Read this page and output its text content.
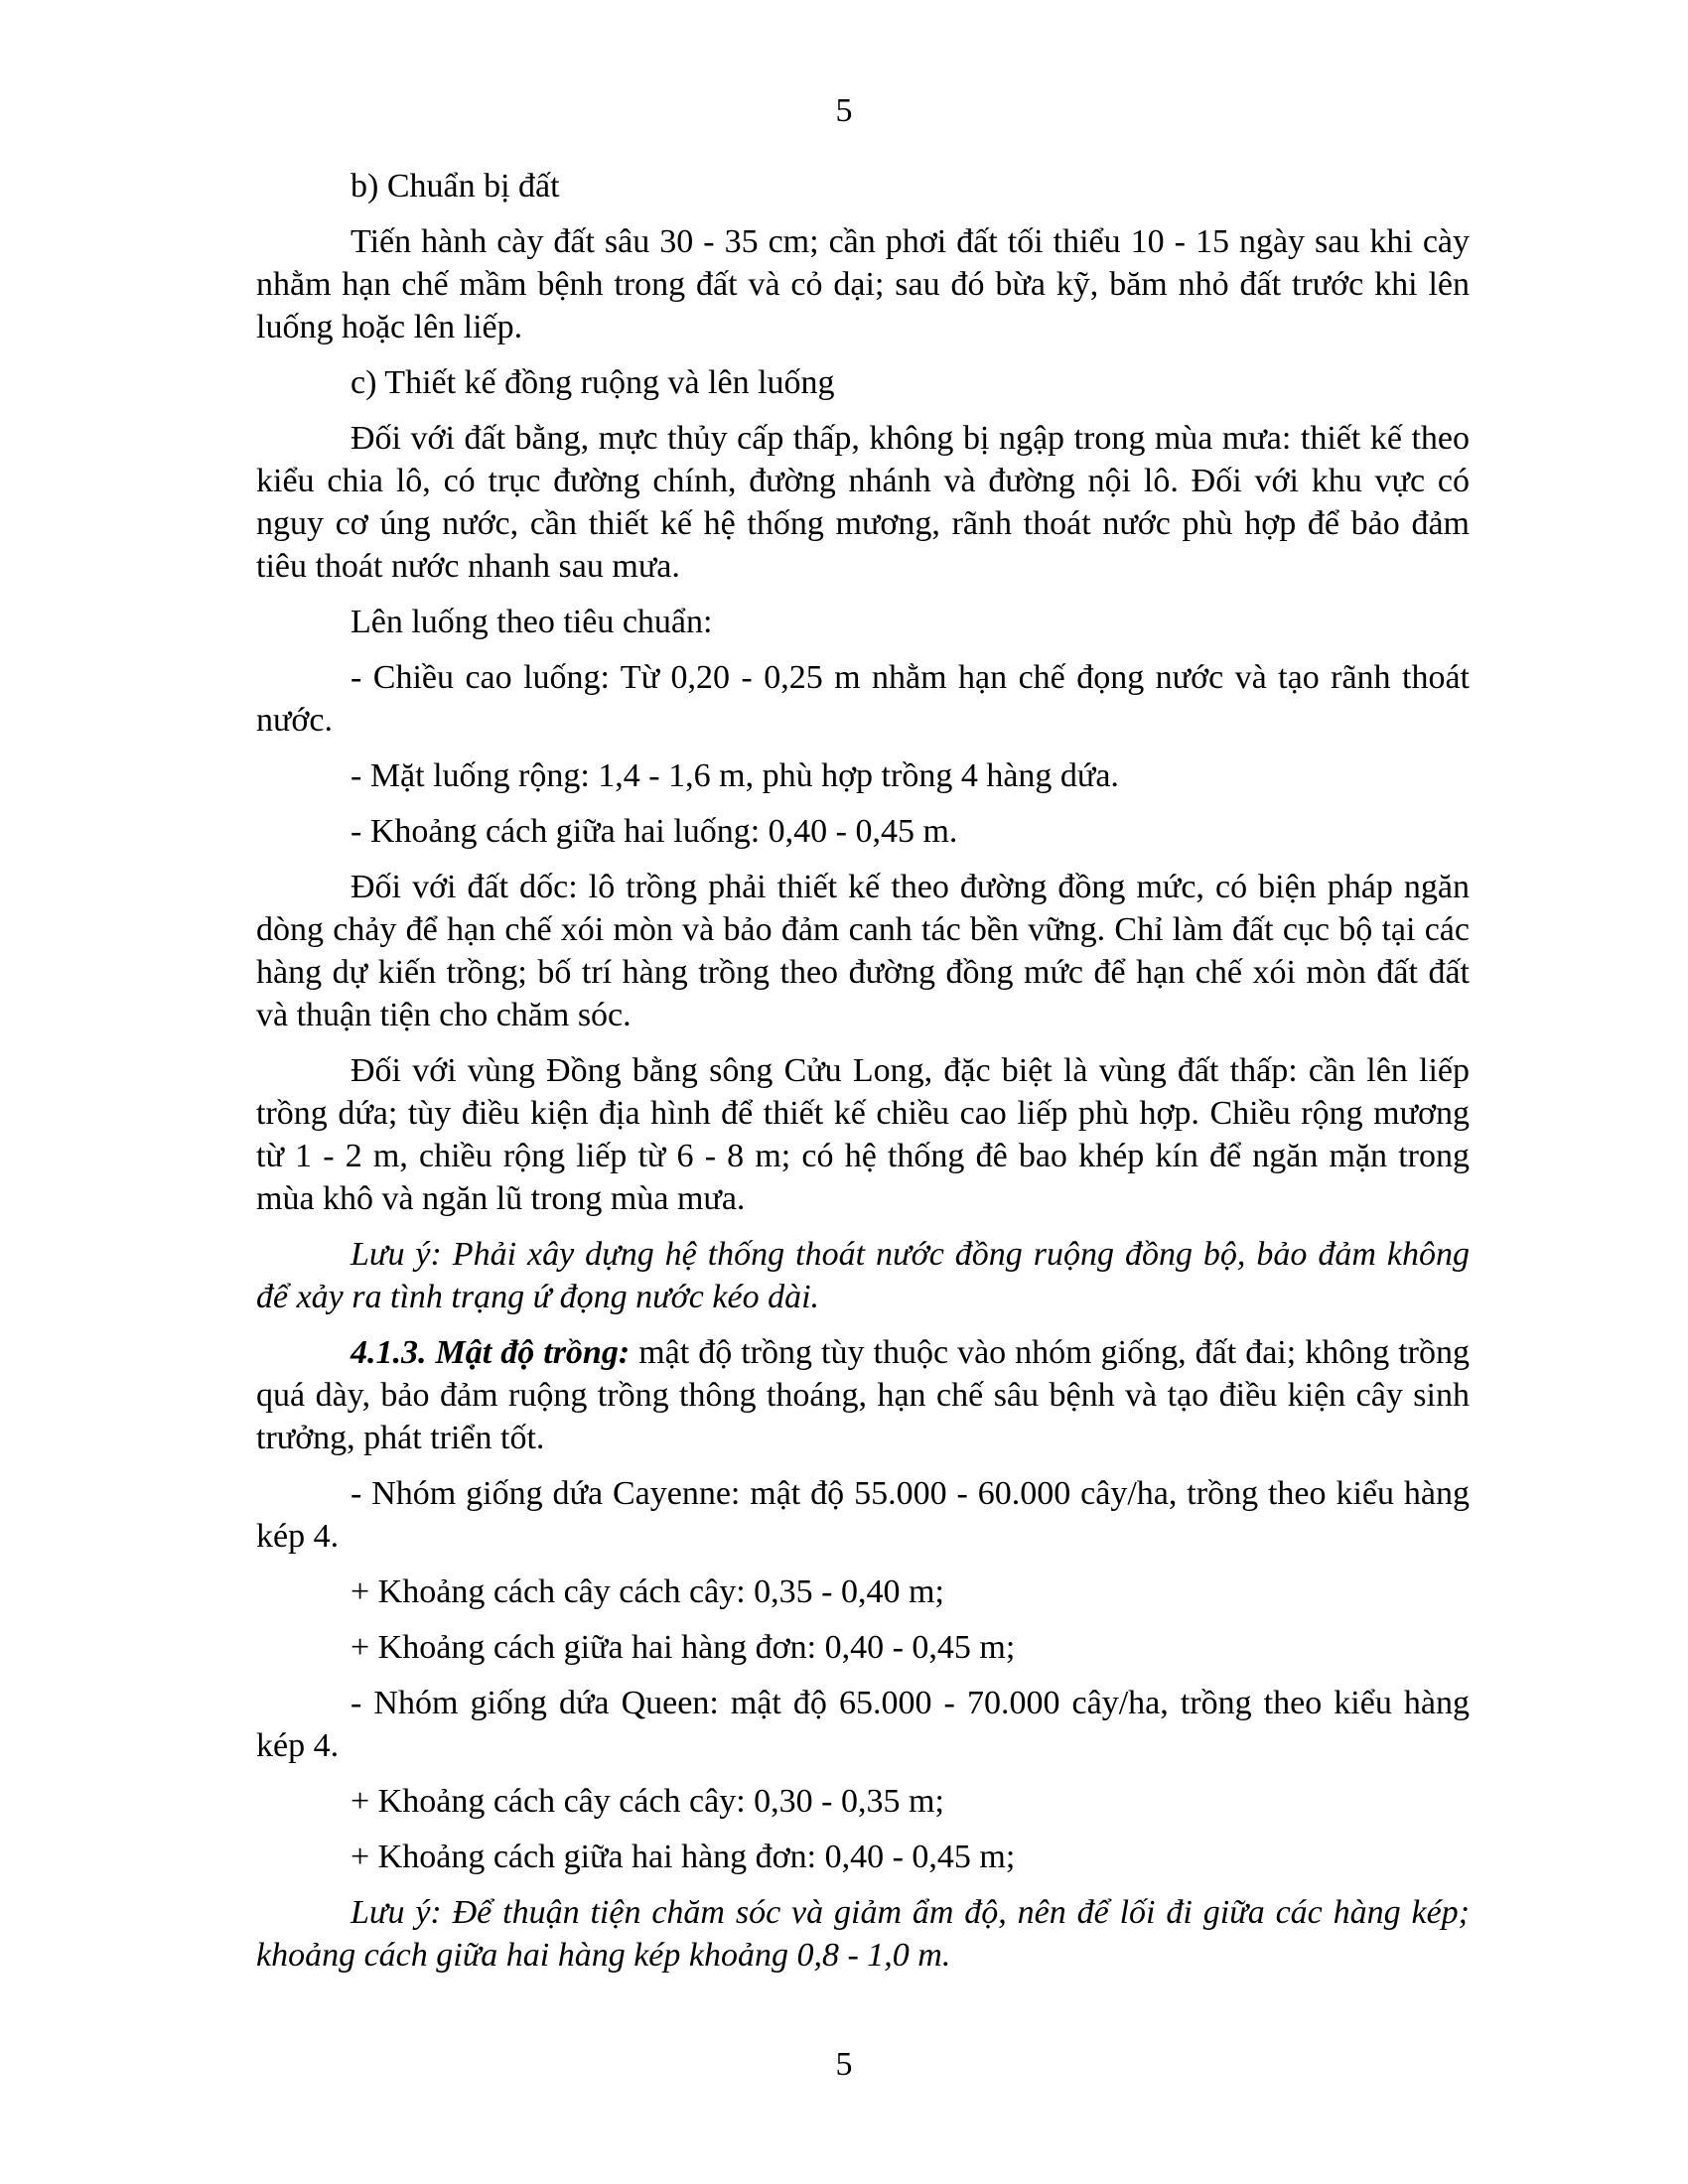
5

b) Chuẩn bị đất

Tiến hành cày đất sâu 30 - 35 cm; cần phơi đất tối thiểu 10 - 15 ngày sau khi cày nhằm hạn chế mầm bệnh trong đất và cỏ dại; sau đó bừa kỹ, băm nhỏ đất trước khi lên luống hoặc lên liếp.

c) Thiết kế đồng ruộng và lên luống

Đối với đất bằng, mực thủy cấp thấp, không bị ngập trong mùa mưa: thiết kế theo kiểu chia lô, có trục đường chính, đường nhánh và đường nội lô. Đối với khu vực có nguy cơ úng nước, cần thiết kế hệ thống mương, rãnh thoát nước phù hợp để bảo đảm tiêu thoát nước nhanh sau mưa.

Lên luống theo tiêu chuẩn:

- Chiều cao luống: Từ 0,20 - 0,25 m nhằm hạn chế đọng nước và tạo rãnh thoát nước.

- Mặt luống rộng: 1,4 - 1,6 m, phù hợp trồng 4 hàng dứa.

- Khoảng cách giữa hai luống: 0,40 - 0,45 m.

Đối với đất dốc: lô trồng phải thiết kế theo đường đồng mức, có biện pháp ngăn dòng chảy để hạn chế xói mòn và bảo đảm canh tác bền vững. Chỉ làm đất cục bộ tại các hàng dự kiến trồng; bố trí hàng trồng theo đường đồng mức để hạn chế xói mòn đất đất và thuận tiện cho chăm sóc.

Đối với vùng Đồng bằng sông Cửu Long, đặc biệt là vùng đất thấp: cần lên liếp trồng dứa; tùy điều kiện địa hình để thiết kế chiều cao liếp phù hợp. Chiều rộng mương từ 1 - 2 m, chiều rộng liếp từ 6 - 8 m; có hệ thống đê bao khép kín để ngăn mặn trong mùa khô và ngăn lũ trong mùa mưa.

Lưu ý: Phải xây dựng hệ thống thoát nước đồng ruộng đồng bộ, bảo đảm không để xảy ra tình trạng ứ đọng nước kéo dài.

4.1.3. Mật độ trồng: mật độ trồng tùy thuộc vào nhóm giống, đất đai; không trồng quá dày, bảo đảm ruộng trồng thông thoáng, hạn chế sâu bệnh và tạo điều kiện cây sinh trưởng, phát triển tốt.

- Nhóm giống dứa Cayenne: mật độ 55.000 - 60.000 cây/ha, trồng theo kiểu hàng kép 4.

+ Khoảng cách cây cách cây: 0,35 - 0,40 m;

+ Khoảng cách giữa hai hàng đơn: 0,40 - 0,45 m;

- Nhóm giống dứa Queen: mật độ 65.000 - 70.000 cây/ha, trồng theo kiểu hàng kép 4.

+ Khoảng cách cây cách cây: 0,30 - 0,35 m;

+ Khoảng cách giữa hai hàng đơn: 0,40 - 0,45 m;

Lưu ý: Để thuận tiện chăm sóc và giảm ẩm độ, nên để lối đi giữa các hàng kép; khoảng cách giữa hai hàng kép khoảng 0,8 - 1,0 m.

5
